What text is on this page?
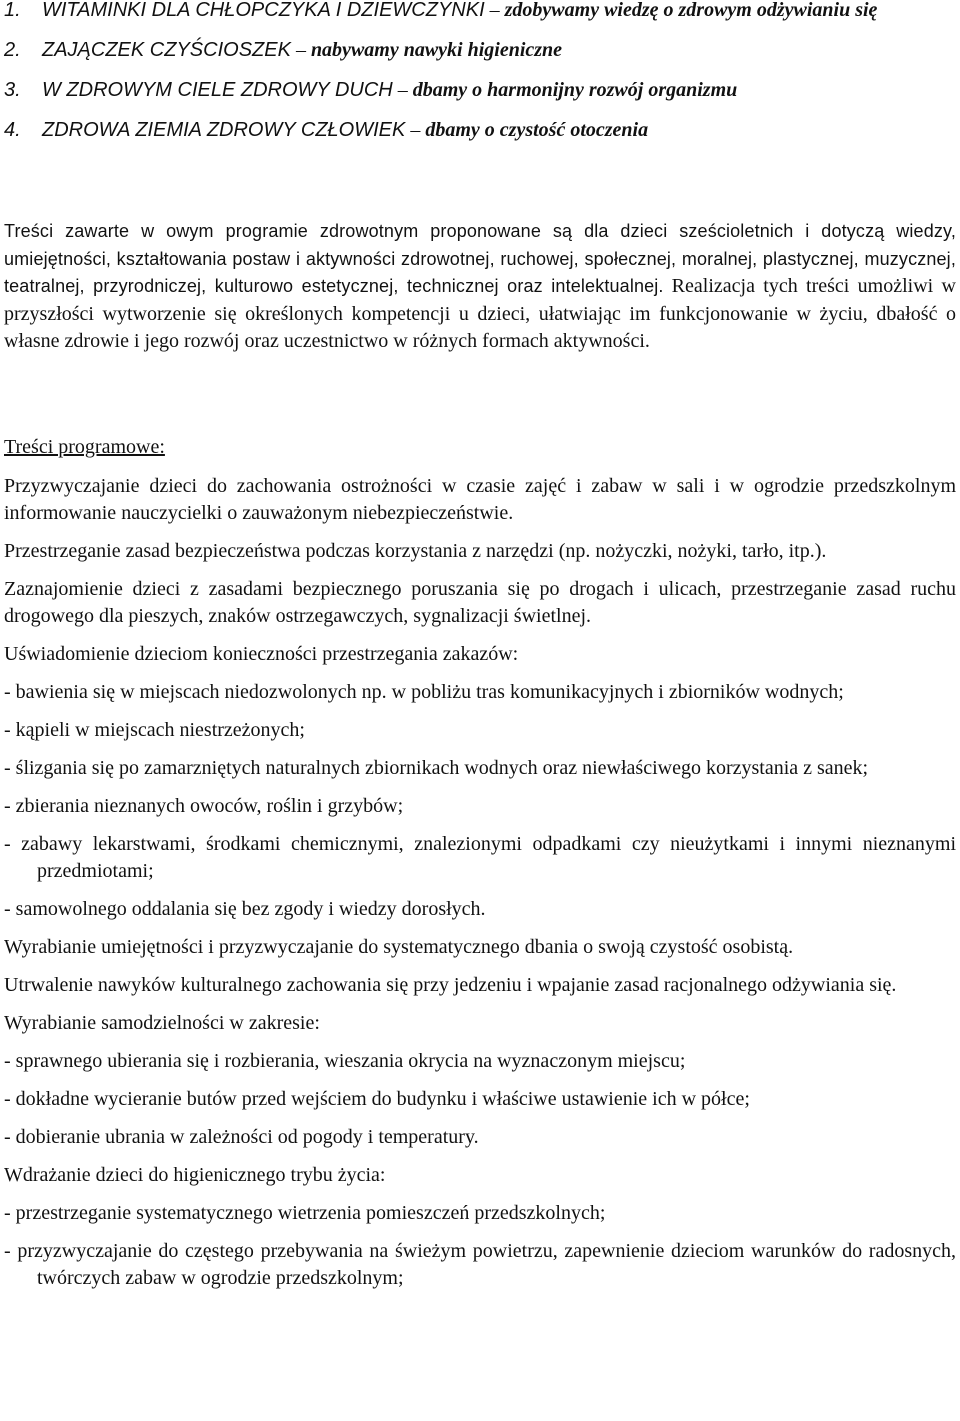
1. WITAMINKI DLA CHŁOPCZYKA I DZIEWCZYNKI – zdobywamy wiedzę o zdrowym odżywianiu się
2. ZAJĄCZEK CZYŚCIOSZEK – nabywamy nawyki higieniczne
3. W ZDROWYM CIELE ZDROWY DUCH – dbamy o harmonijny rozwój organizmu
4. ZDROWA ZIEMIA ZDROWY CZŁOWIEK – dbamy o czystość otoczenia
Treści zawarte w owym programie zdrowotnym proponowane są dla dzieci sześcioletnich i dotyczą wiedzy, umiejętności, kształtowania postaw i aktywności zdrowotnej, ruchowej, społecznej, moralnej, plastycznej, muzycznej, teatralnej, przyrodniczej, kulturowo estetycznej, technicznej oraz intelektualnej. Realizacja tych treści umożliwi w przyszłości wytworzenie się określonych kompetencji u dzieci, ułatwiając im funkcjonowanie w życiu, dbałość o własne zdrowie i jego rozwój oraz uczestnictwo w różnych formach aktywności.
Treści programowe:
Przyzwyczajanie dzieci do zachowania ostrożności w czasie zajęć i zabaw w sali i w ogrodzie przedszkolnym informowanie nauczycielki o zauważonym niebezpieczeństwie.
Przestrzeganie zasad bezpieczeństwa podczas korzystania z narzędzi (np. nożyczki, nożyki, tarło, itp.).
Zaznajomienie dzieci z zasadami bezpiecznego poruszania się po drogach i ulicach, przestrzeganie zasad ruchu drogowego dla pieszych, znaków ostrzegawczych, sygnalizacji świetlnej.
Uświadomienie dzieciom konieczności przestrzegania zakazów:
- bawienia się w miejscach niedozwolonych np. w pobliżu tras komunikacyjnych i zbiorników wodnych;
- kąpieli w miejscach niestrzeżonych;
- ślizgania się po zamarzniętych naturalnych zbiornikach wodnych oraz niewłaściwego korzystania z sanek;
- zbierania nieznanych owoców, roślin i grzybów;
- zabawy lekarstwami, środkami chemicznymi, znalezionymi odpadkami czy nieużytkami i innymi nieznanymi przedmiotami;
- samowolnego oddalania się bez zgody i wiedzy dorosłych.
Wyrabianie umiejętności i przyzwyczajanie do systematycznego dbania o swoją czystość osobistą.
Utrwalenie nawyków kulturalnego zachowania się przy jedzeniu i wpajanie zasad racjonalnego odżywiania się.
Wyrabianie samodzielności w zakresie:
- sprawnego ubierania się i rozbierania, wieszania okrycia na wyznaczonym miejscu;
- dokładne wycieranie butów przed wejściem do budynku i właściwe ustawienie ich w półce;
- dobieranie ubrania w zależności od pogody i temperatury.
Wdrażanie dzieci do higienicznego trybu życia:
- przestrzeganie systematycznego wietrzenia pomieszczeń przedszkolnych;
- przyzwyczajanie do częstego przebywania na świeżym powietrzu, zapewnienie dzieciom warunków do radosnych, twórczych zabaw w ogrodzie przedszkolnym;
